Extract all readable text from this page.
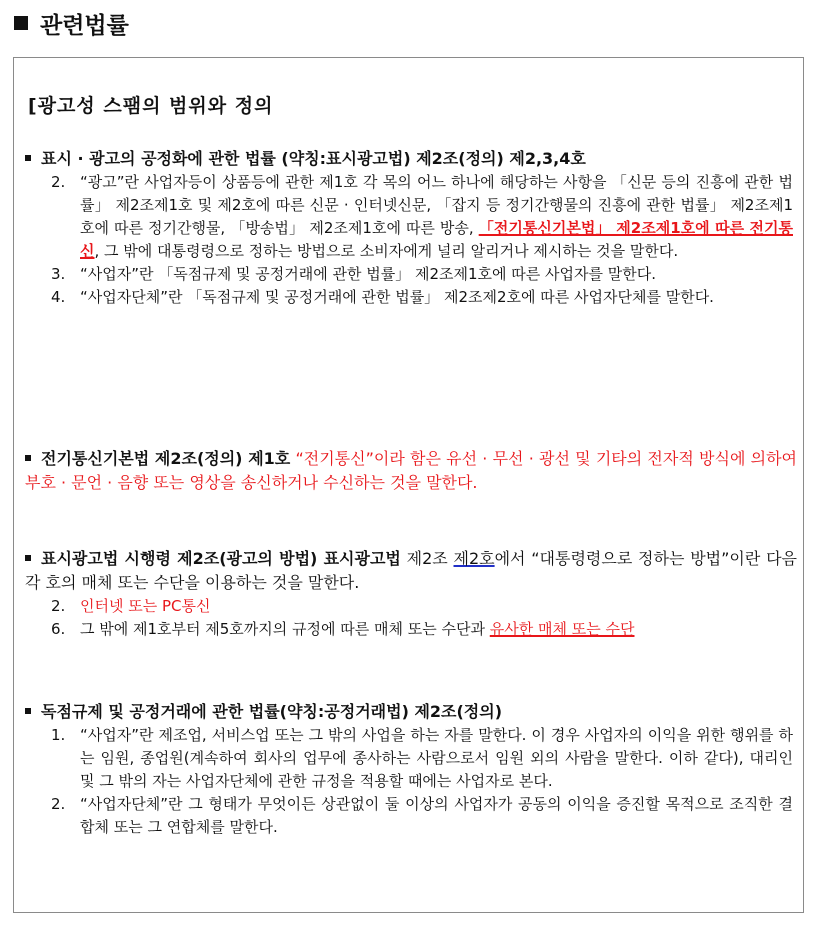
관련법률
[광고성 스팸의 범위와 정의
표시 · 광고의 공정화에 관한 법률 (약칭:표시광고법) 제2조(정의) 제2,3,4호
2. “광고”란 사업자등이 상품등에 관한 제1호 각 목의 어느 하나에 해당하는 사항을 「신문 등의 진흥에 관한 법률」 제2조제1호 및 제2호에 따른 신문 · 인터넷신문, 「잡지 등 정기간행물의 진흥에 관한 법률」 제2조제1호에 따른 정기간행물, 「방송법」 제2조제1호에 따른 방송, 「전기통신기본법」 제2조제1호에 따른 전기통신, 그 밖에 대통령령으로 정하는 방법으로 소비자에게 널리 알리거나 제시하는 것을 말한다.
3. “사업자”란 「독점규제 및 공정거래에 관한 법률」 제2조제1호에 따른 사업자를 말한다.
4. “사업자단체”란 「독점규제 및 공정거래에 관한 법률」 제2조제2호에 따른 사업자단체를 말한다.
전기통신기본법 제2조(정의) 제1호 “전기통신”이라 함은 유선 · 무선 · 광선 및 기타의 전자적 방식에 의하여 부호 · 문언 · 음향 또는 영상을 송신하거나 수신하는 것을 말한다.
표시광고법 시행령 제2조(광고의 방법) 표시광고법 제2조 제2호에서 “대통령령으로 정하는 방법”이란 다음 각 호의 매체 또는 수단을 이용하는 것을 말한다.
2. 인터넷 또는 PC통신
6. 그 밖에 제1호부터 제5호까지의 규정에 따른 매체 또는 수단과 유사한 매체 또는 수단
독점규제 및 공정거래에 관한 법률(약칭:공정거래법) 제2조(정의)
1. “사업자”란 제조업, 서비스업 또는 그 밖의 사업을 하는 자를 말한다. 이 경우 사업자의 이익을 위한 행위를 하는 임원, 종업원(계속하여 회사의 업무에 종사하는 사람으로서 임원 외의 사람을 말한다. 이하 같다), 대리인 및 그 밖의 자는 사업자단체에 관한 규정을 적용할 때에는 사업자로 본다.
2. “사업자단체”란 그 형태가 무엇이든 상관없이 둘 이상의 사업자가 공동의 이익을 증진할 목적으로 조직한 결합체 또는 그 연합체를 말한다.
